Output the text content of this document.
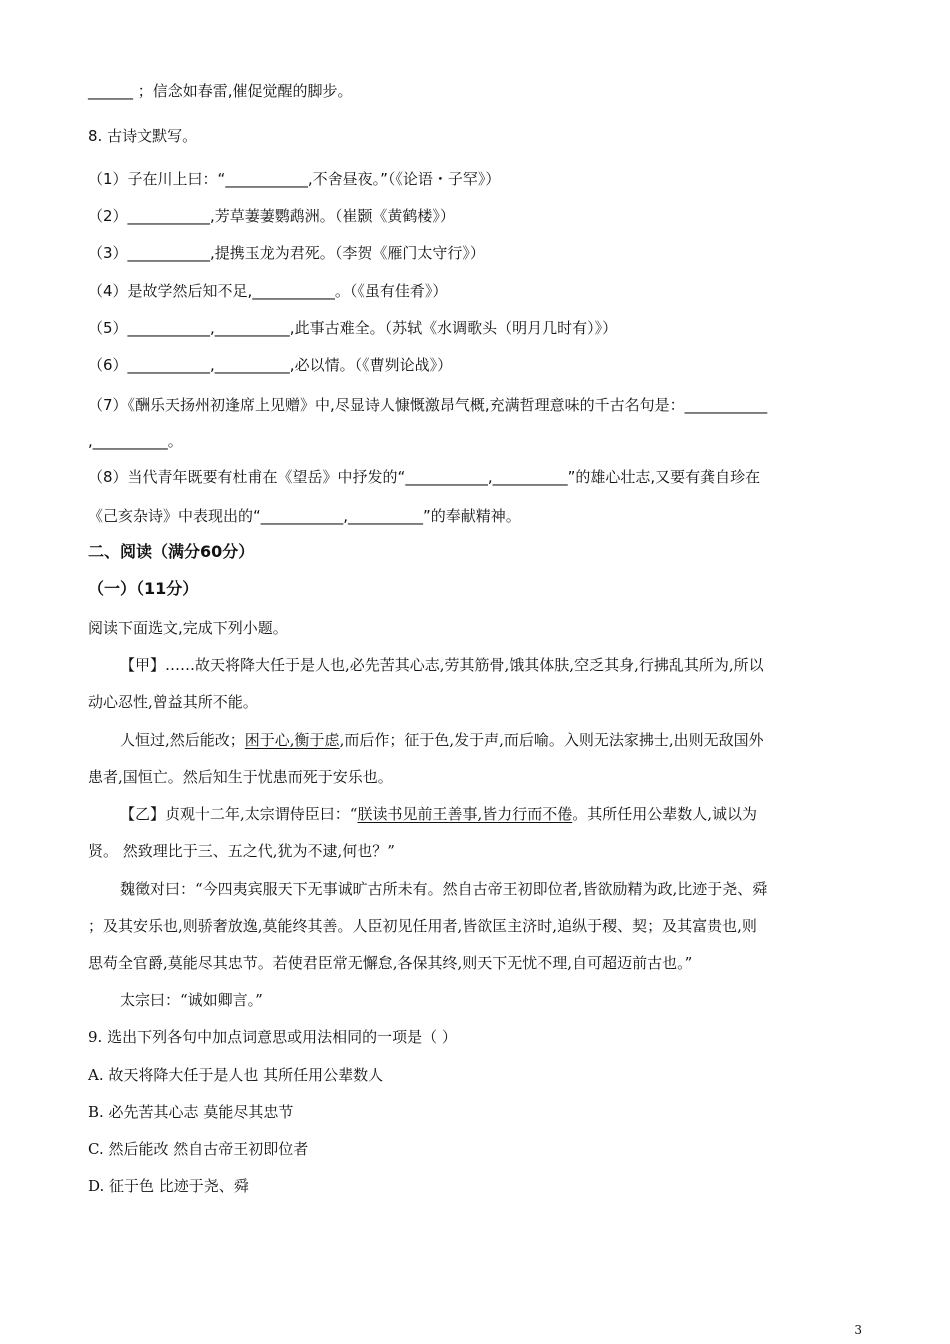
______ ；信念如春雷,催促觉醒的脚步。
8. 古诗文默写。
（1）子在川上曰：“___________,不舍昼夜。”（《论语・子罕》）
（2）___________,芳草萋萋鹦鹉洲。（崔颢《黄鹤楼》）
（3）___________,提携玉龙为君死。（李贺《雁门太守行》）
（4）是故学然后知不足,___________。（《虽有佳肴》）
（5）___________,__________,此事古难全。（苏轼《水调歌头（明月几时有）》）
（6）___________,__________,必以情。（《曹刿论战》）
（7）《酬乐天扬州初逢席上见赠》中,尽显诗人慷慨激昂气概,充满哲理意味的千古名句是：___________
,__________。
（8）当代青年既要有杜甫在《望岳》中抒发的“___________,__________”的雄心壮志,又要有龚自珍在
《己亥杂诗》中表现出的“___________,__________”的奉献精神。
二、阅读（满分60分）
（一）（11分）
阅读下面选文,完成下列小题。
【甲】……故天将降大任于是人也,必先苦其心志,劳其筋骨,饿其体肤,空乏其身,行拂乱其所为,所以
动心忍性,曾益其所不能。
人恒过,然后能改；困于心,衡于虑,而后作；征于色,发于声,而后喻。入则无法家拂士,出则无敌国外
患者,国恒亡。然后知生于忧患而死于安乐也。
【乙】贞观十二年,太宗谓侍臣曰：“朕读书见前王善事,皆力行而不倦。其所任用公辈数人,诚以为
贤。 然致理比于三、五之代,犹为不逮,何也？”
魏徵对曰：“今四夷宾服天下无事诚旷古所未有。然自古帝王初即位者,皆欲励精为政,比迹于尧、舜
；及其安乐也,则骄奢放逸,莫能终其善。人臣初见任用者,皆欲匡主济时,追纵于稷、契；及其富贵也,则
思苟全官爵,莫能尽其忠节。若使君臣常无懈怠,各保其终,则天下无忧不理,自可超迈前古也。”
太宗曰：“诚如卿言。”
9. 选出下列各句中加点词意思或用法相同的一项是（ ）
A. 故天将降大任于是人也 其所任用公辈数人
B. 必先苦其心志 莫能尽其忠节
C. 然后能改 然自古帝王初即位者
D. 征于色 比迹于尧、舜
3
